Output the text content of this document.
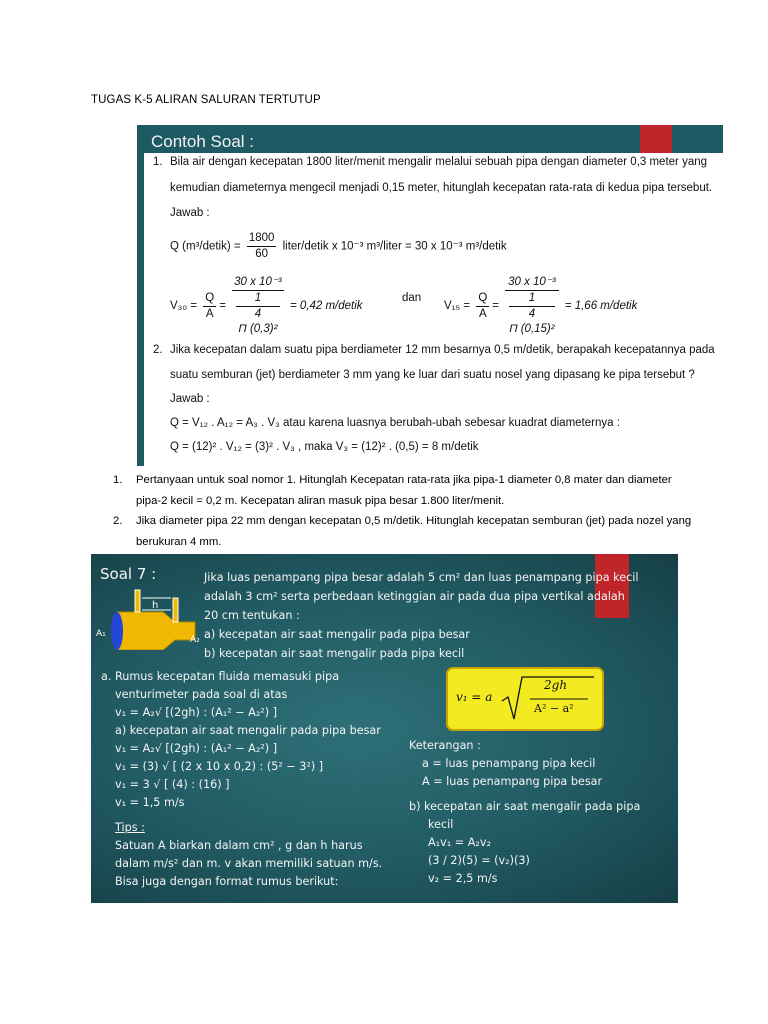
TUGAS K-5 ALIRAN SALURAN TERTUTUP
Contoh Soal :
1. Bila air dengan kecepatan 1800 liter/menit mengalir melalui sebuah pipa dengan diameter 0,3 meter yang
kemudian diameternya mengecil menjadi 0,15 meter, hitunglah kecepatan rata-rata di kedua pipa tersebut.
Jawab :
Q (m³/detik) = $\frac{1800}{60}$ liter/detik x 10⁻³ m³/liter = 30 x 10⁻³ m³/detik
$V_{30} = \frac{Q}{A} = 30$ x 10⁻³
1
4
Π (0,3)² = 0,42 m/detik
dan
$V_{15} = \frac{Q}{A} = 30$ x 10⁻³
1
4
Π (0,15)² = 1,66 m/detik
2. Jika kecepatan dalam suatu pipa berdiameter 12 mm besarnya 0,5 m/detik, berapakah kecepatannya pada
suatu semburan (jet) berdiameter 3 mm yang ke luar dari suatu nosel yang dipasang ke pipa tersebut ?
Jawab :
Q = V₁₂ . A₁₂ = A₃ . V₃ atau karena luasnya berubah-ubah sebesar kuadrat diameternya :
Q = (12)² . V₁₂ = (3)² . V₃ , maka V₃ = (12)² . (0,5) = 8 m/detik
1. Pertanyaan untuk soal nomor 1. Hitunglah Kecepatan rata-rata jika pipa-1 diameter 0,8 mater dan diameter pipa-2 kecil = 0,2 m. Kecepatan aliran masuk pipa besar 1.800 liter/menit.
2. Jika diameter pipa 22 mm dengan kecepatan 0,5 m/detik. Hitunglah kecepatan semburan (jet) pada nozel yang berukuran 4 mm.
Soal 7 :
h
A₁
A₂
Jika luas penampang pipa besar adalah 5 cm² dan luas penampang pipa kecil
adalah 3 cm² serta perbedaan ketinggian air pada dua pipa vertikal adalah
20 cm tentukan :
a) kecepatan air saat mengalir pada pipa besar
b) kecepatan air saat mengalir pada pipa kecil
a. Rumus kecepatan fluida memasuki pipa
venturimeter pada soal di atas
v₁ = A₂√ [(2gh) : (A₁² − A₂²) ]
a) kecepatan air saat mengalir pada pipa besar
v₁ = A₂√ [(2gh) : (A₁² − A₂²) ]
v₁ = (3) √ [ (2 x 10 x 0,2) : (5² − 3²) ]
v₁ = 3 √ [ (4) : (16) ]
v₁ = 1,5 m/s
Tips :
Satuan A biarkan dalam cm² , g dan h harus
dalam m/s² dan m. v akan memiliki satuan m/s.
Bisa juga dengan format rumus berikut:
v₁ = a
2gh
A² − a²
Keterangan :
a = luas penampang pipa kecil
A = luas penampang pipa besar
b) kecepatan air saat mengalir pada pipa
kecil
A₁v₁ = A₂v₂
(3 / 2)(5) = (v₂)(3)
v₂ = 2,5 m/s
